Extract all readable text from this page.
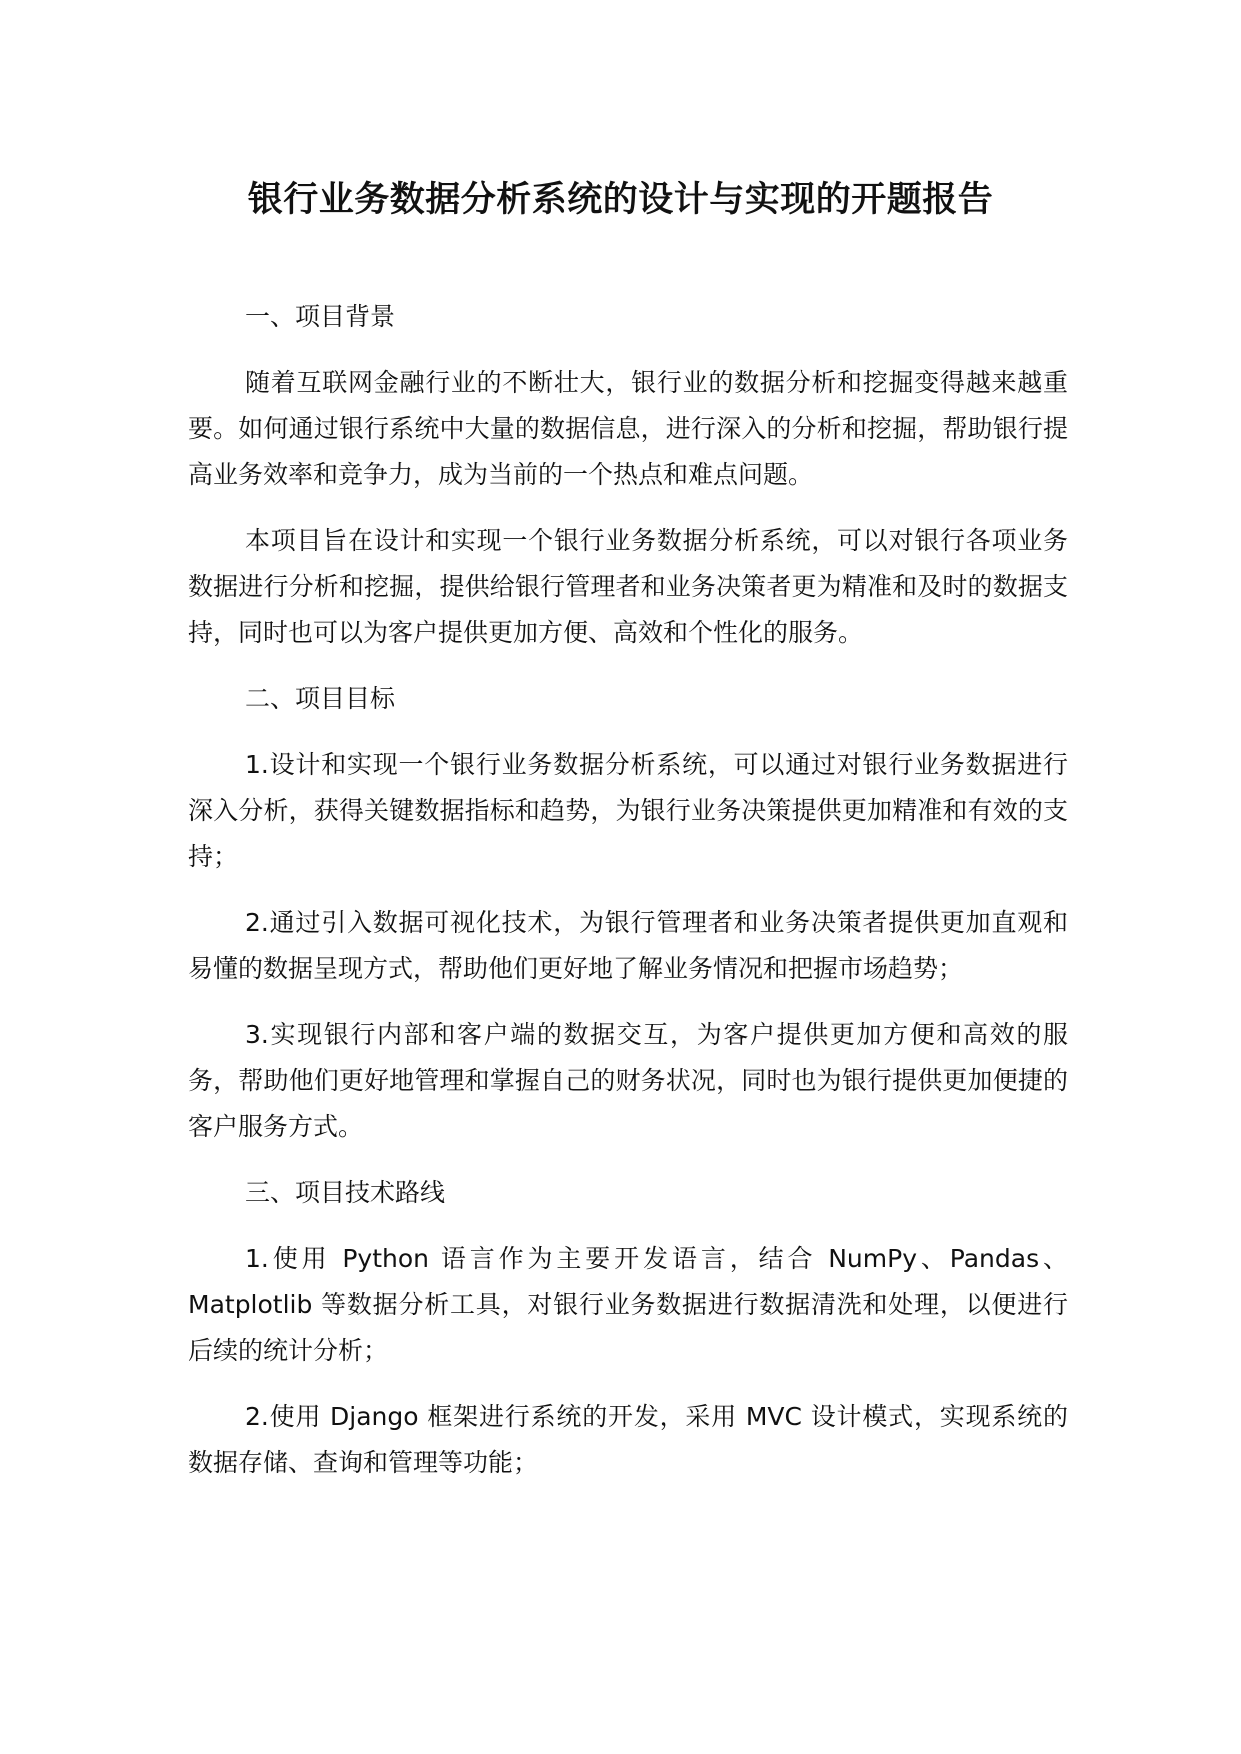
银行业务数据分析系统的设计与实现的开题报告
一、项目背景

随着互联网金融行业的不断壮大，银行业的数据分析和挖掘变得越来越重要。如何通过银行系统中大量的数据信息，进行深入的分析和挖掘，帮助银行提高业务效率和竞争力，成为当前的一个热点和难点问题。

本项目旨在设计和实现一个银行业务数据分析系统，可以对银行各项业务数据进行分析和挖掘，提供给银行管理者和业务决策者更为精准和及时的数据支持，同时也可以为客户提供更加方便、高效和个性化的服务。

二、项目目标

1.设计和实现一个银行业务数据分析系统，可以通过对银行业务数据进行深入分析，获得关键数据指标和趋势，为银行业务决策提供更加精准和有效的支持；

2.通过引入数据可视化技术，为银行管理者和业务决策者提供更加直观和易懂的数据呈现方式，帮助他们更好地了解业务情况和把握市场趋势；

3.实现银行内部和客户端的数据交互，为客户提供更加方便和高效的服务，帮助他们更好地管理和掌握自己的财务状况，同时也为银行提供更加便捷的客户服务方式。

三、项目技术路线

1.使用 Python 语言作为主要开发语言，结合 NumPy、Pandas、Matplotlib 等数据分析工具，对银行业务数据进行数据清洗和处理，以便进行后续的统计分析；

2.使用 Django 框架进行系统的开发，采用 MVC 设计模式，实现系统的数据存储、查询和管理等功能；
